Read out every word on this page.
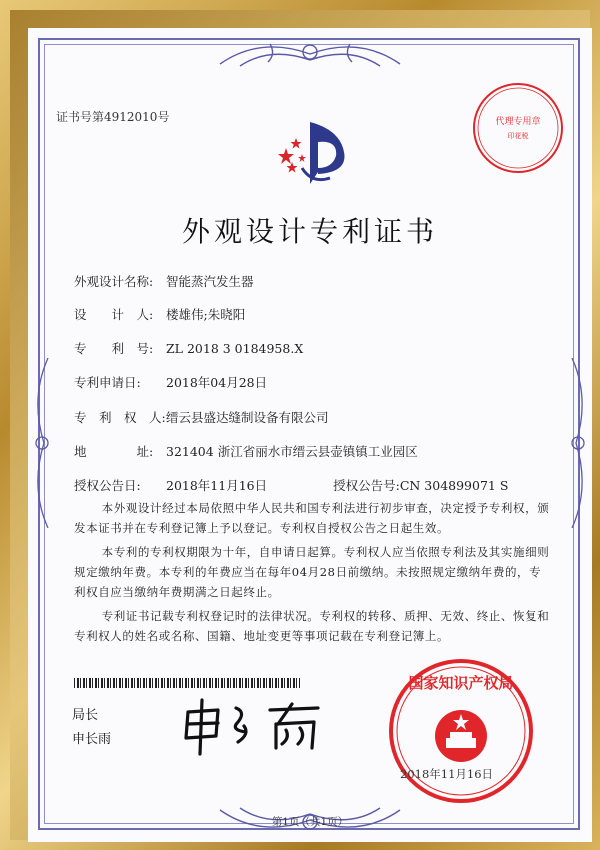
证书号第4912010号	代理专用章
印花税
外观设计专利证书
外观设计名称: 智能蒸汽发生器
设　　计　人: 楼雄伟;朱晓阳
专　　利　号: ZL 2018 3 0184958.X
专利申请日: 2018年04月28日
专　利　权　人:缙云县盛达缝制设备有限公司
地　　　　址: 321404 浙江省丽水市缙云县壶镇镇工业园区
授权公告日: 2018年11月16日	授权公告号:CN 304899071 S
本外观设计经过本局依照中华人民共和国专利法进行初步审查，决定授予专利权，颁发本证书并在专利登记簿上予以登记。专利权自授权公告之日起生效。
本专利的专利权期限为十年，自申请日起算。专利权人应当依照专利法及其实施细则规定缴纳年费。本专利的年费应当在每年04月28日前缴纳。未按照规定缴纳年费的，专利权自应当缴纳年费期满之日起终止。
专利证书记载专利权登记时的法律状况。专利权的转移、质押、无效、终止、恢复和专利权人的姓名或名称、国籍、地址变更等事项记载在专利登记簿上。
局长
申长雨
国家知识产权局
2018年11月16日
第1页（共1页）
